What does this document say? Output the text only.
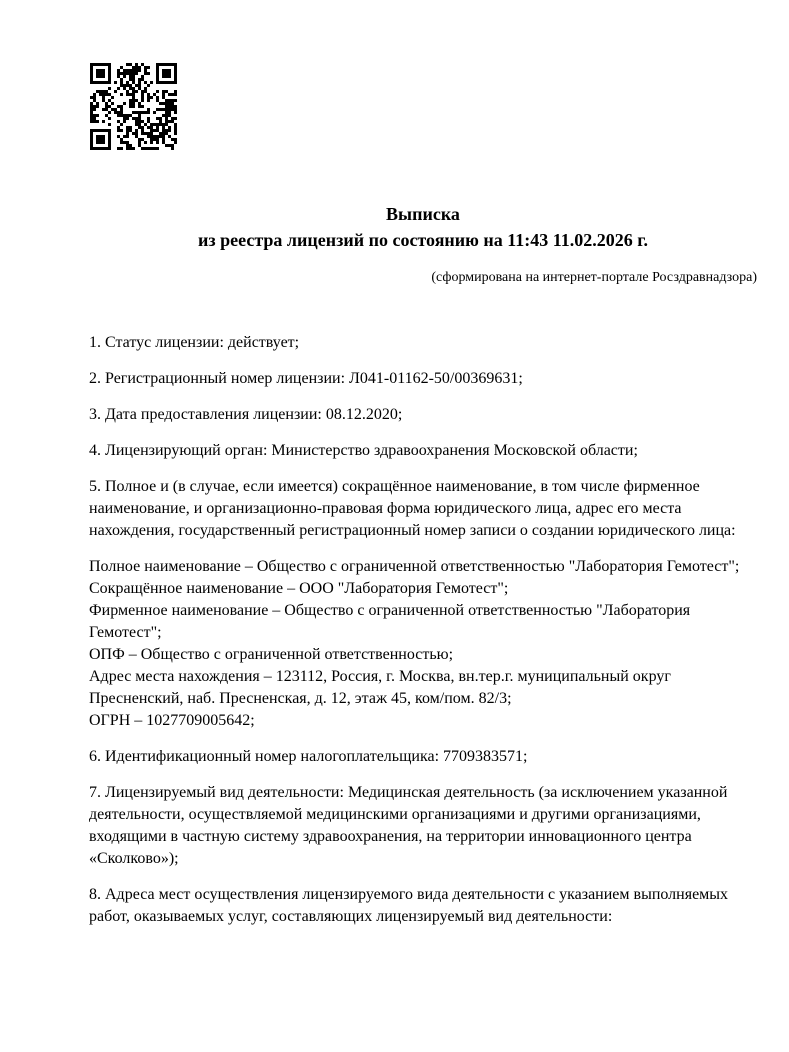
Выписка
из реестра лицензий по состоянию на 11:43 11.02.2026 г.
(сформирована на интернет-портале Росздравнадзора)

1. Статус лицензии: действует;

2. Регистрационный номер лицензии: Л041-01162-50/00369631;

3. Дата предоставления лицензии: 08.12.2020;

4. Лицензирующий орган: Министерство здравоохранения Московской области;

5. Полное и (в случае, если имеется) сокращённое наименование, в том числе фирменное
наименование, и организационно-правовая форма юридического лица, адрес его места
нахождения, государственный регистрационный номер записи о создании юридического лица:

Полное наименование – Общество с ограниченной ответственностью "Лаборатория Гемотест";
Сокращённое наименование – ООО "Лаборатория Гемотест";
Фирменное наименование – Общество с ограниченной ответственностью "Лаборатория
Гемотест";
ОПФ – Общество с ограниченной ответственностью;
Адрес места нахождения – 123112, Россия, г. Москва, вн.тер.г. муниципальный округ
Пресненский, наб. Пресненская, д. 12, этаж 45, ком/пом. 82/3;
ОГРН – 1027709005642;

6. Идентификационный номер налогоплательщика: 7709383571;

7. Лицензируемый вид деятельности: Медицинская деятельность (за исключением указанной
деятельности, осуществляемой медицинскими организациями и другими организациями,
входящими в частную систему здравоохранения, на территории инновационного центра
«Сколково»);

8. Адреса мест осуществления лицензируемого вида деятельности с указанием выполняемых
работ, оказываемых услуг, составляющих лицензируемый вид деятельности:
